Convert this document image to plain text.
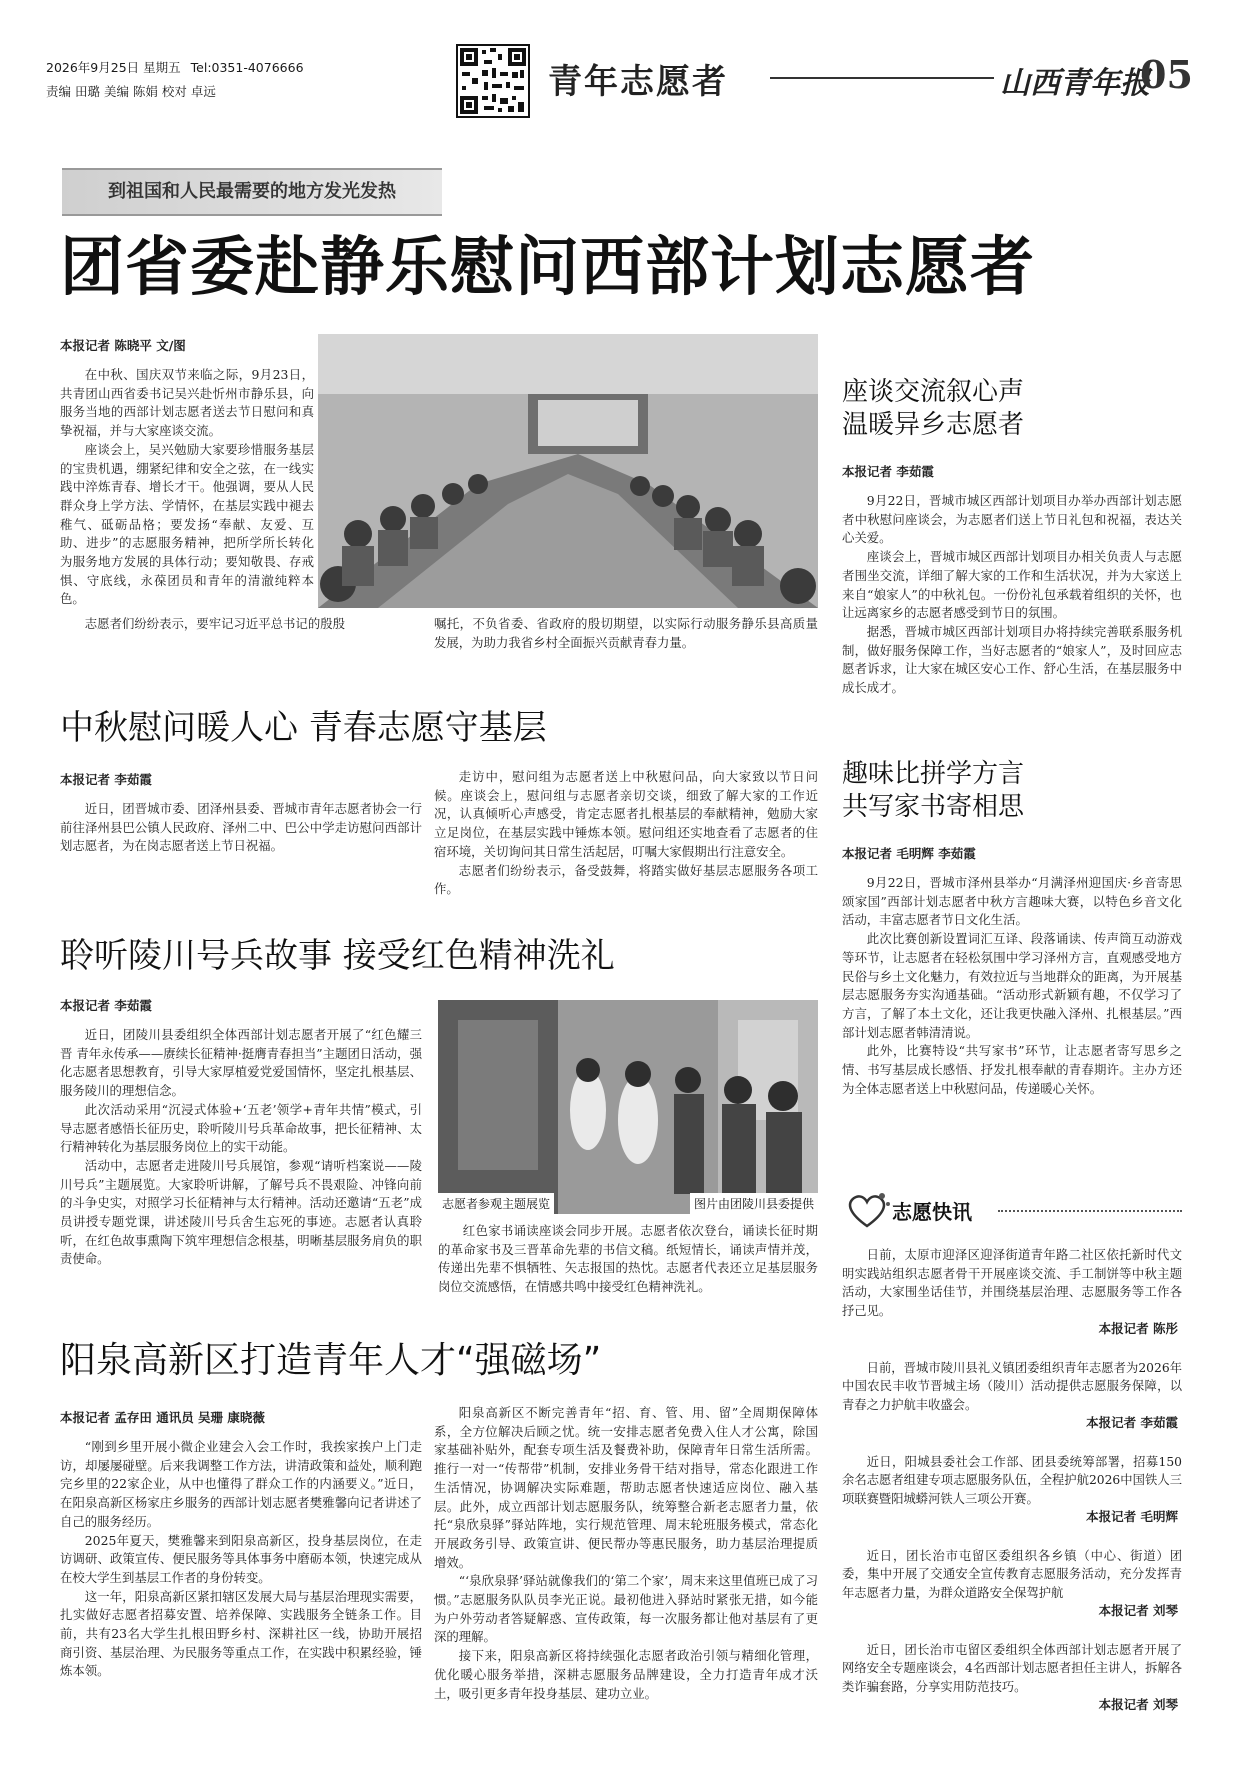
2026年9月25日 星期五 Tel:0351-4076666
责编 田璐 美编 陈娟 校对 卓远	青年志愿者	山西青年报
05
到祖国和人民最需要的地方发光发热
团省委赴静乐慰问西部计划志愿者
本报记者 陈晓平 文/图

在中秋、国庆双节来临之际，9月23日，共青团山西省委书记吴兴赴忻州市静乐县，向服务当地的西部计划志愿者送去节日慰问和真挚祝福，并与大家座谈交流。

座谈会上，吴兴勉励大家要珍惜服务基层的宝贵机遇，绷紧纪律和安全之弦，在一线实践中淬炼青春、增长才干。他强调，要从人民群众身上学方法、学情怀，在基层实践中褪去稚气、砥砺品格；要发扬“奉献、友爱、互助、进步”的志愿服务精神，把所学所长转化为服务地方发展的具体行动；要知敬畏、存戒惧、守底线，永葆团员和青年的清澈纯粹本色。

志愿者们纷纷表示，要牢记习近平总书记的殷殷	嘱托，不负省委、省政府的殷切期望，以实际行动服务静乐县高质量发展，为助力我省乡村全面振兴贡献青春力量。

中秋慰问暖人心 青春志愿守基层
本报记者 李茹霞

近日，团晋城市委、团泽州县委、晋城市青年志愿者协会一行前往泽州县巴公镇人民政府、泽州二中、巴公中学走访慰问西部计划志愿者，为在岗志愿者送上节日祝福。

走访中，慰问组为志愿者送上中秋慰问品，向大家致以节日问候。座谈会上，慰问组与志愿者亲切交谈，细致了解大家的工作近况，认真倾听心声感受，肯定志愿者扎根基层的奉献精神，勉励大家立足岗位，在基层实践中锤炼本领。慰问组还实地查看了志愿者的住宿环境，关切询问其日常生活起居，叮嘱大家假期出行注意安全。

志愿者们纷纷表示，备受鼓舞，将踏实做好基层志愿服务各项工作。

聆听陵川号兵故事 接受红色精神洗礼
本报记者 李茹霞

近日，团陵川县委组织全体西部计划志愿者开展了“红色耀三晋 青年永传承——赓续长征精神·挺膺青春担当”主题团日活动，强化志愿者思想教育，引导大家厚植爱党爱国情怀，坚定扎根基层、服务陵川的理想信念。

此次活动采用“沉浸式体验+‘五老’领学+青年共情”模式，引导志愿者感悟长征历史，聆听陵川号兵革命故事，把长征精神、太行精神转化为基层服务岗位上的实干动能。

活动中，志愿者走进陵川号兵展馆，参观“请听档案说——陵川号兵”主题展览。大家聆听讲解，了解号兵不畏艰险、冲锋向前的斗争史实，对照学习长征精神与太行精神。活动还邀请“五老”成员讲授专题党课，讲述陵川号兵舍生忘死的事迹。志愿者认真聆听，在红色故事熏陶下筑牢理想信念根基，明晰基层服务肩负的职责使命。

志愿者参观主题展览	图片由团陵川县委提供

红色家书诵读座谈会同步开展。志愿者依次登台，诵读长征时期的革命家书及三晋革命先辈的书信文稿。纸短情长，诵读声情并茂，传递出先辈不惧牺牲、矢志报国的热忱。志愿者代表还立足基层服务岗位交流感悟，在情感共鸣中接受红色精神洗礼。

阳泉高新区打造青年人才“强磁场”
本报记者 孟存田 通讯员 吴珊 康晓薇

“刚到乡里开展小微企业建会入会工作时，我挨家挨户上门走访，却屡屡碰壁。后来我调整工作方法，讲清政策和益处，顺利跑完乡里的22家企业，从中也懂得了群众工作的内涵要义。”近日，在阳泉高新区杨家庄乡服务的西部计划志愿者樊雅馨向记者讲述了自己的服务经历。

2025年夏天，樊雅馨来到阳泉高新区，投身基层岗位，在走访调研、政策宣传、便民服务等具体事务中磨砺本领，快速完成从在校大学生到基层工作者的身份转变。

这一年，阳泉高新区紧扣辖区发展大局与基层治理现实需要，扎实做好志愿者招募安置、培养保障、实践服务全链条工作。目前，共有23名大学生扎根田野乡村、深耕社区一线，协助开展招商引资、基层治理、为民服务等重点工作，在实践中积累经验，锤炼本领。

阳泉高新区不断完善青年“招、育、管、用、留”全周期保障体系，全方位解决后顾之忧。统一安排志愿者免费入住人才公寓，除国家基础补贴外，配套专项生活及餐费补助，保障青年日常生活所需。推行一对一“传帮带”机制，安排业务骨干结对指导，常态化跟进工作生活情况，协调解决实际难题，帮助志愿者快速适应岗位、融入基层。此外，成立西部计划志愿服务队，统筹整合新老志愿者力量，依托“泉欣泉驿”驿站阵地，实行规范管理、周末轮班服务模式，常态化开展政务引导、政策宣讲、便民帮办等惠民服务，助力基层治理提质增效。

“‘泉欣泉驿’驿站就像我们的‘第二个家’，周末来这里值班已成了习惯。”志愿服务队队员李光正说。最初他进入驿站时紧张无措，如今能为户外劳动者答疑解惑、宣传政策，每一次服务都让他对基层有了更深的理解。

接下来，阳泉高新区将持续强化志愿者政治引领与精细化管理，优化暖心服务举措，深耕志愿服务品牌建设，全力打造青年成才沃土，吸引更多青年投身基层、建功立业。

座谈交流叙心声
温暖异乡志愿者
本报记者 李茹霞

9月22日，晋城市城区西部计划项目办举办西部计划志愿者中秋慰问座谈会，为志愿者们送上节日礼包和祝福，表达关心关爱。

座谈会上，晋城市城区西部计划项目办相关负责人与志愿者围坐交流，详细了解大家的工作和生活状况，并为大家送上来自“娘家人”的中秋礼包。一份份礼包承载着组织的关怀，也让远离家乡的志愿者感受到节日的氛围。

据悉，晋城市城区西部计划项目办将持续完善联系服务机制，做好服务保障工作，当好志愿者的“娘家人”，及时回应志愿者诉求，让大家在城区安心工作、舒心生活，在基层服务中成长成才。

趣味比拼学方言
共写家书寄相思
本报记者 毛明辉 李茹霞

9月22日，晋城市泽州县举办“月满泽州迎国庆·乡音寄思颂家国”西部计划志愿者中秋方言趣味大赛，以特色乡音文化活动，丰富志愿者节日文化生活。

此次比赛创新设置词汇互译、段落诵读、传声筒互动游戏等环节，让志愿者在轻松氛围中学习泽州方言，直观感受地方民俗与乡土文化魅力，有效拉近与当地群众的距离，为开展基层志愿服务夯实沟通基础。“活动形式新颖有趣，不仅学习了方言，了解了本土文化，还让我更快融入泽州、扎根基层。”西部计划志愿者韩清清说。

此外，比赛特设“共写家书”环节，让志愿者寄写思乡之情、书写基层成长感悟、抒发扎根奉献的青春期许。主办方还为全体志愿者送上中秋慰问品，传递暖心关怀。

志愿快讯

日前，太原市迎泽区迎泽街道青年路二社区依托新时代文明实践站组织志愿者骨干开展座谈交流、手工制饼等中秋主题活动，大家围坐话佳节，并围绕基层治理、志愿服务等工作各抒己见。

本报记者 陈彤

日前，晋城市陵川县礼义镇团委组织青年志愿者为2026年中国农民丰收节晋城主场（陵川）活动提供志愿服务保障，以青春之力护航丰收盛会。

本报记者 李茹霞

近日，阳城县委社会工作部、团县委统筹部署，招募150余名志愿者组建专项志愿服务队伍，全程护航2026中国铁人三项联赛暨阳城蟒河铁人三项公开赛。

本报记者 毛明辉

近日，团长治市屯留区委组织各乡镇（中心、街道）团委，集中开展了交通安全宣传教育志愿服务活动，充分发挥青年志愿者力量，为群众道路安全保驾护航

本报记者 刘琴

近日，团长治市屯留区委组织全体西部计划志愿者开展了网络安全专题座谈会，4名西部计划志愿者担任主讲人，拆解各类诈骗套路，分享实用防范技巧。

本报记者 刘琴
